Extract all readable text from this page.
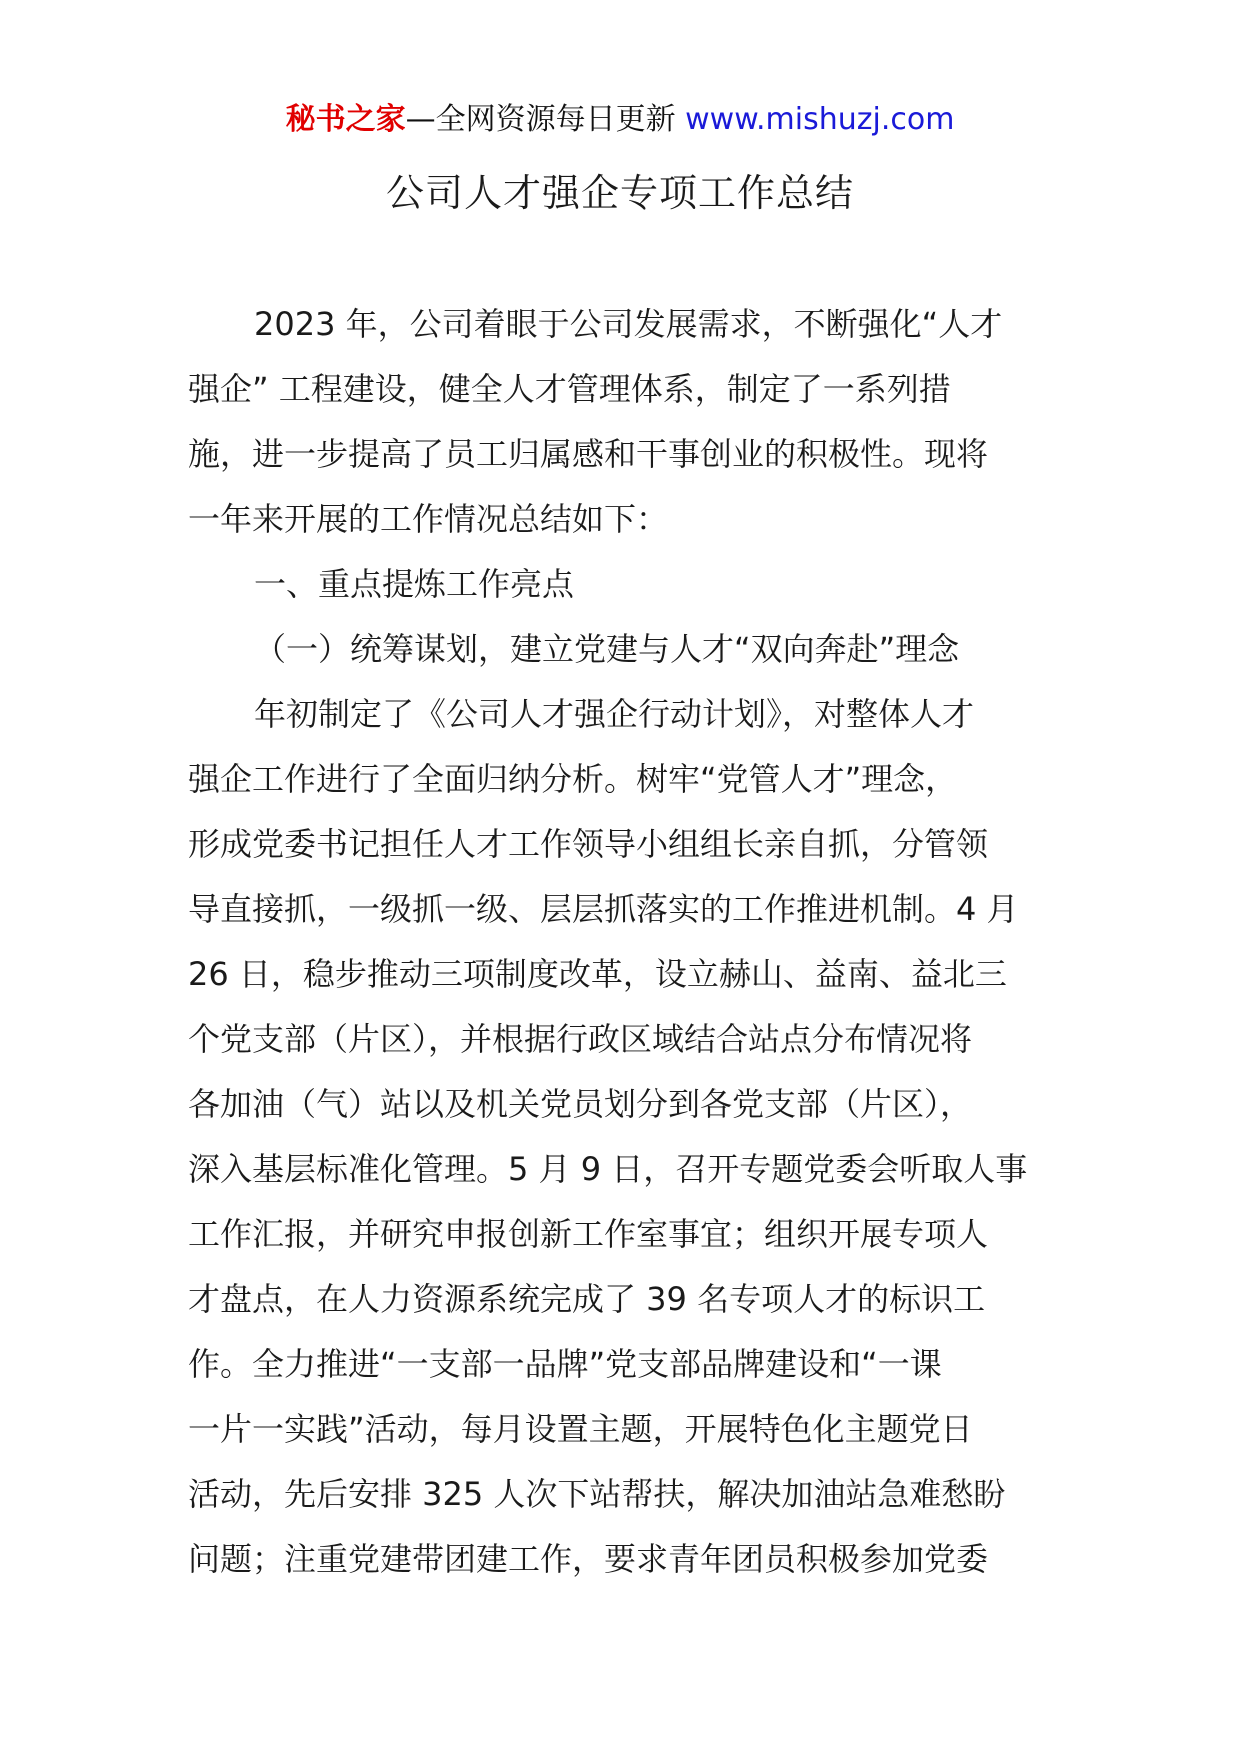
秘书之家—全网资源每日更新 www.mishuzj.com
公司人才强企专项工作总结
2023 年，公司着眼于公司发展需求，不断强化“人才
强企” 工程建设，健全人才管理体系，制定了一系列措
施，进一步提高了员工归属感和干事创业的积极性。现将
一年来开展的工作情况总结如下：
一、重点提炼工作亮点
（一）统筹谋划，建立党建与人才“双向奔赴”理念
年初制定了《公司人才强企行动计划》，对整体人才
强企工作进行了全面归纳分析。树牢“党管人才”理念，
形成党委书记担任人才工作领导小组组长亲自抓，分管领
导直接抓，一级抓一级、层层抓落实的工作推进机制。4 月
26 日，稳步推动三项制度改革，设立赫山、益南、益北三
个党支部（片区），并根据行政区域结合站点分布情况将
各加油（气）站以及机关党员划分到各党支部（片区），
深入基层标准化管理。5 月 9 日，召开专题党委会听取人事
工作汇报，并研究申报创新工作室事宜；组织开展专项人
才盘点，在人力资源系统完成了 39 名专项人才的标识工
作。全力推进“一支部一品牌”党支部品牌建设和“一课
一片一实践”活动，每月设置主题，开展特色化主题党日
活动，先后安排 325 人次下站帮扶，解决加油站急难愁盼
问题；注重党建带团建工作，要求青年团员积极参加党委
